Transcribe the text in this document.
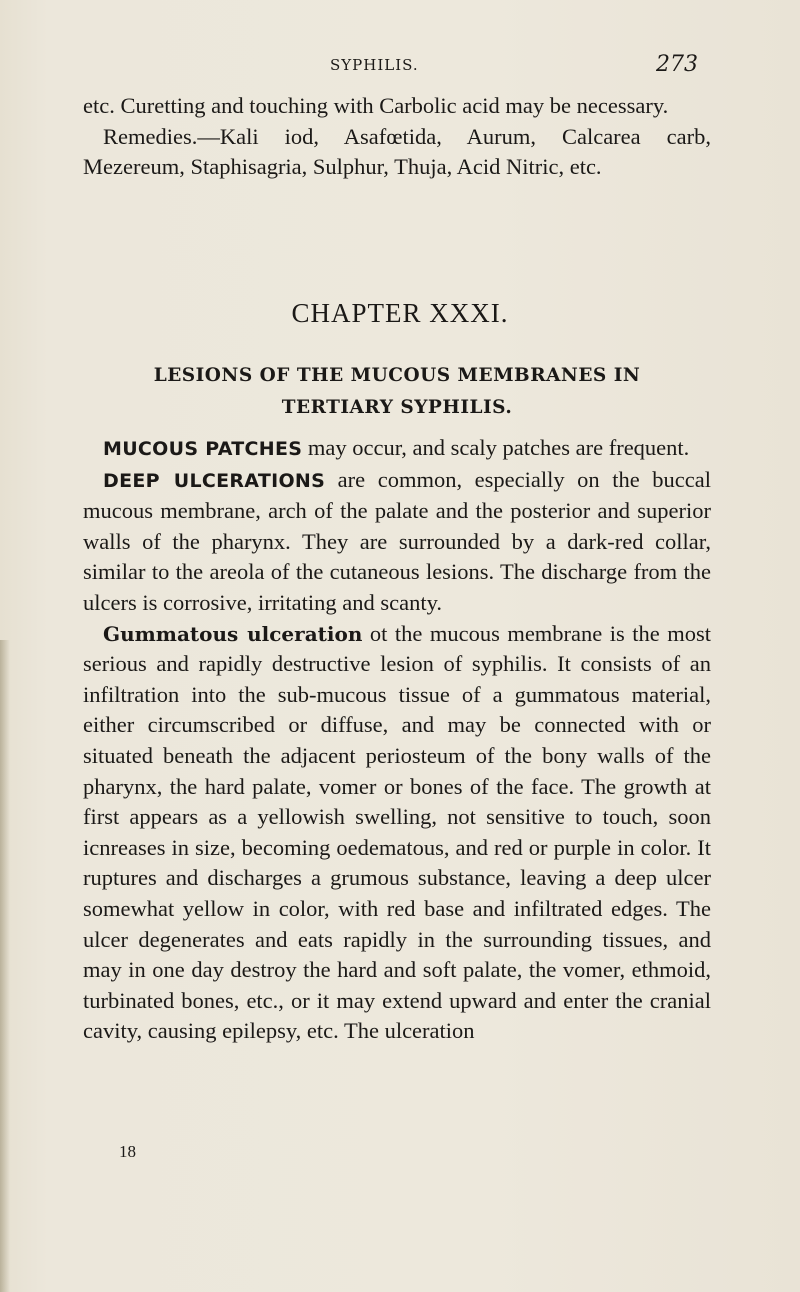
SYPHILIS.	273

etc. Curetting and touching with Carbolic acid may be necessary.

Remedies.—Kali iod, Asafœtida, Aurum, Calcarea carb, Mezereum, Staphisagria, Sulphur, Thuja, Acid Nitric, etc.

CHAPTER XXXI.
LESIONS OF THE MUCOUS MEMBRANES IN
TERTIARY SYPHILIS.

MUCOUS PATCHES may occur, and scaly patches are frequent.

DEEP ULCERATIONS are common, especially on the buccal mucous membrane, arch of the palate and the posterior and superior walls of the pharynx. They are surrounded by a dark-red collar, similar to the areola of the cutaneous lesions. The discharge from the ulcers is corrosive, irritating and scanty.

Gummatous ulceration ot the mucous membrane is the most serious and rapidly destructive lesion of syphilis. It consists of an infiltration into the sub-mucous tissue of a gummatous material, either circumscribed or diffuse, and may be connected with or situated beneath the adjacent periosteum of the bony walls of the pharynx, the hard palate, vomer or bones of the face. The growth at first appears as a yellowish swelling, not sensitive to touch, soon icnreases in size, becoming oedematous, and red or purple in color. It ruptures and discharges a grumous substance, leaving a deep ulcer somewhat yellow in color, with red base and infiltrated edges. The ulcer degenerates and eats rapidly in the surrounding tissues, and may in one day destroy the hard and soft palate, the vomer, ethmoid, turbinated bones, etc., or it may extend upward and enter the cranial cavity, causing epilepsy, etc. The ulceration

18
